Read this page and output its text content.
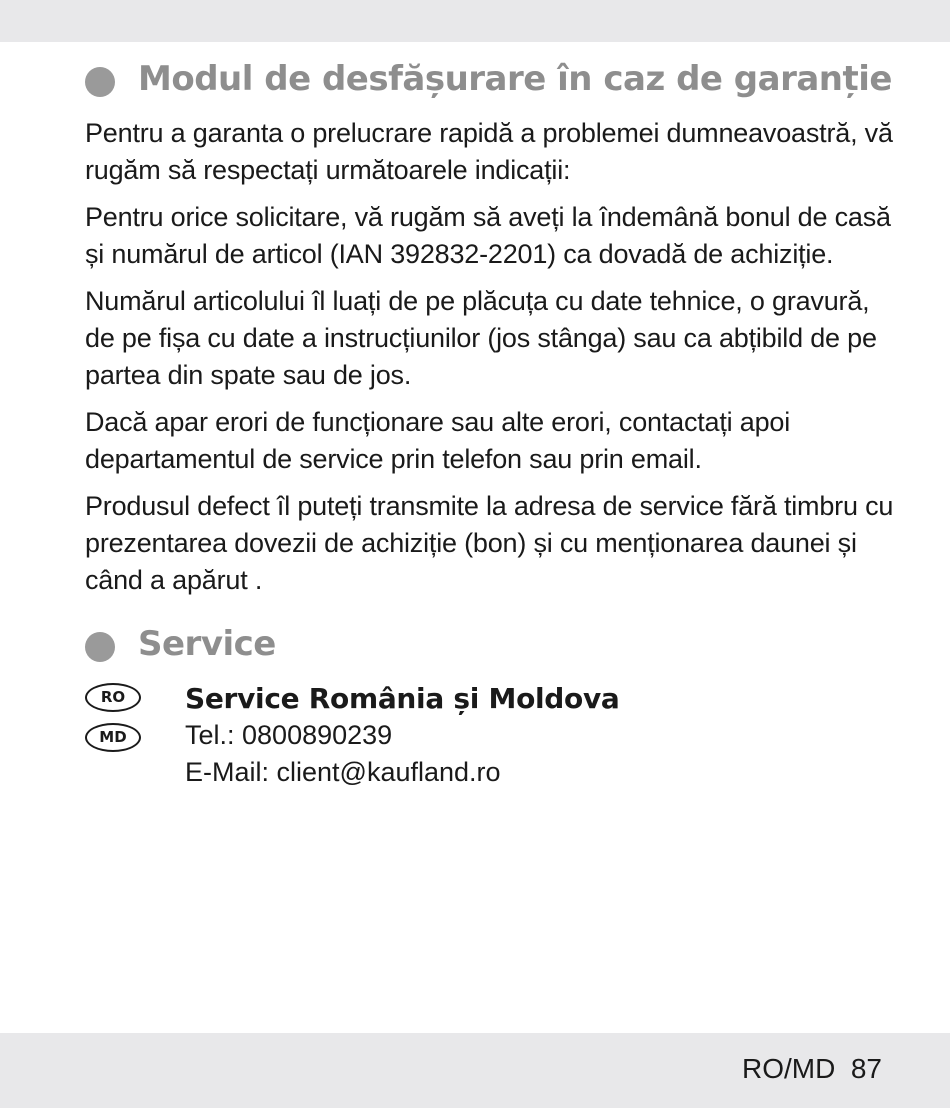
Modul de desfășurare în caz de garanție

Pentru a garanta o prelucrare rapidă a problemei dumneavoastră, vă rugăm să respectați următoarele indicații:

Pentru orice solicitare, vă rugăm să aveți la îndemână bonul de casă și numărul de articol (IAN 392832-2201) ca dovadă de achiziție.

Numărul articolului îl luați de pe plăcuța cu date tehnice, o gravură, de pe fișa cu date a instrucțiunilor (jos stânga) sau ca abțibild de pe partea din spate sau de jos.

Dacă apar erori de funcționare sau alte erori, contactați apoi departamentul de service prin telefon sau prin email.

Produsul defect îl puteți transmite la adresa de service fără timbru cu prezentarea dovezii de achiziție (bon) și cu menționarea daunei și când a apărut .

Service
RO
MD

Service România și Moldova

Tel.: 0800890239

E-Mail: client@kaufland.ro

RO/MD  87
